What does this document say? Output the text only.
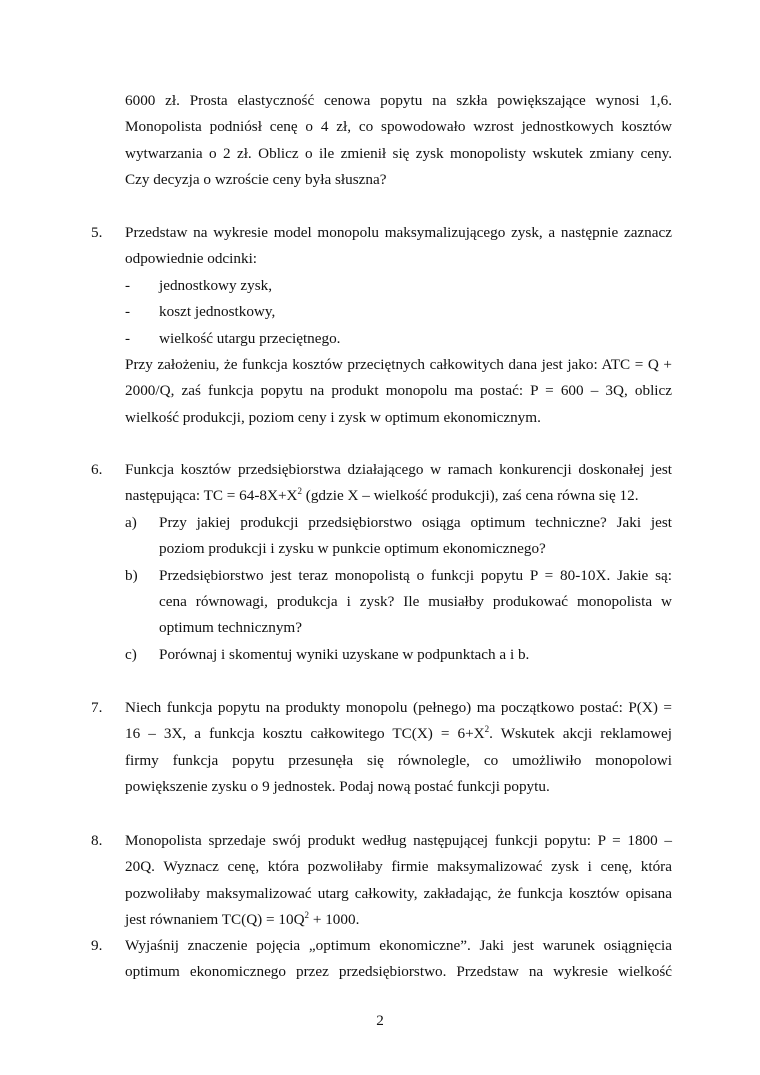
6000 zł. Prosta elastyczność cenowa popytu na szkła powiększające wynosi 1,6.
Monopolista podniósł cenę o 4 zł, co spowodowało wzrost jednostkowych kosztów
wytwarzania o 2 zł. Oblicz o ile zmienił się zysk monopolisty wskutek zmiany ceny.
Czy decyzja o wzroście ceny była słuszna?
5. Przedstaw na wykresie model monopolu maksymalizującego zysk, a następnie zaznacz
odpowiednie odcinki:
- jednostkowy zysk,
- koszt jednostkowy,
- wielkość utargu przeciętnego.
Przy założeniu, że funkcja kosztów przeciętnych całkowitych dana jest jako: ATC = Q +
2000/Q, zaś funkcja popytu na produkt monopolu ma postać: P = 600 – 3Q, oblicz
wielkość produkcji, poziom ceny i zysk w optimum ekonomicznym.
6. Funkcja kosztów przedsiębiorstwa działającego w ramach konkurencji doskonałej jest
następująca: TC = $64-8X+X^2$ (gdzie X – wielkość produkcji), zaś cena równa się 12.
a) Przy jakiej produkcji przedsiębiorstwo osiąga optimum techniczne? Jaki jest
poziom produkcji i zysku w punkcie optimum ekonomicznego?
b) Przedsiębiorstwo jest teraz monopolistą o funkcji popytu P = 80-10X. Jakie są:
cena równowagi, produkcja i zysk? Ile musiałby produkować monopolista w
optimum technicznym?
c) Porównaj i skomentuj wyniki uzyskane w podpunktach a i b.
7. Niech funkcja popytu na produkty monopolu (pełnego) ma początkowo postać: P(X) =
16 – 3X, a funkcja kosztu całkowitego $TC(X) = 6+X^2$. Wskutek akcji reklamowej
firmy funkcja popytu przesunęła się równolegle, co umożliwiło monopolowi
powiększenie zysku o 9 jednostek. Podaj nową postać funkcji popytu.
8. Monopolista sprzedaje swój produkt według następującej funkcji popytu: P = 1800 –
20Q. Wyznacz cenę, która pozwoliłaby firmie maksymalizować zysk i cenę, która
pozwoliłaby maksymalizować utarg całkowity, zakładając, że funkcja kosztów opisana
jest równaniem $TC(Q) = 10Q^2 + 1000$.
9. Wyjaśnij znaczenie pojęcia „optimum ekonomiczne”. Jaki jest warunek osiągnięcia
optimum ekonomicznego przez przedsiębiorstwo. Przedstaw na wykresie wielkość
2
